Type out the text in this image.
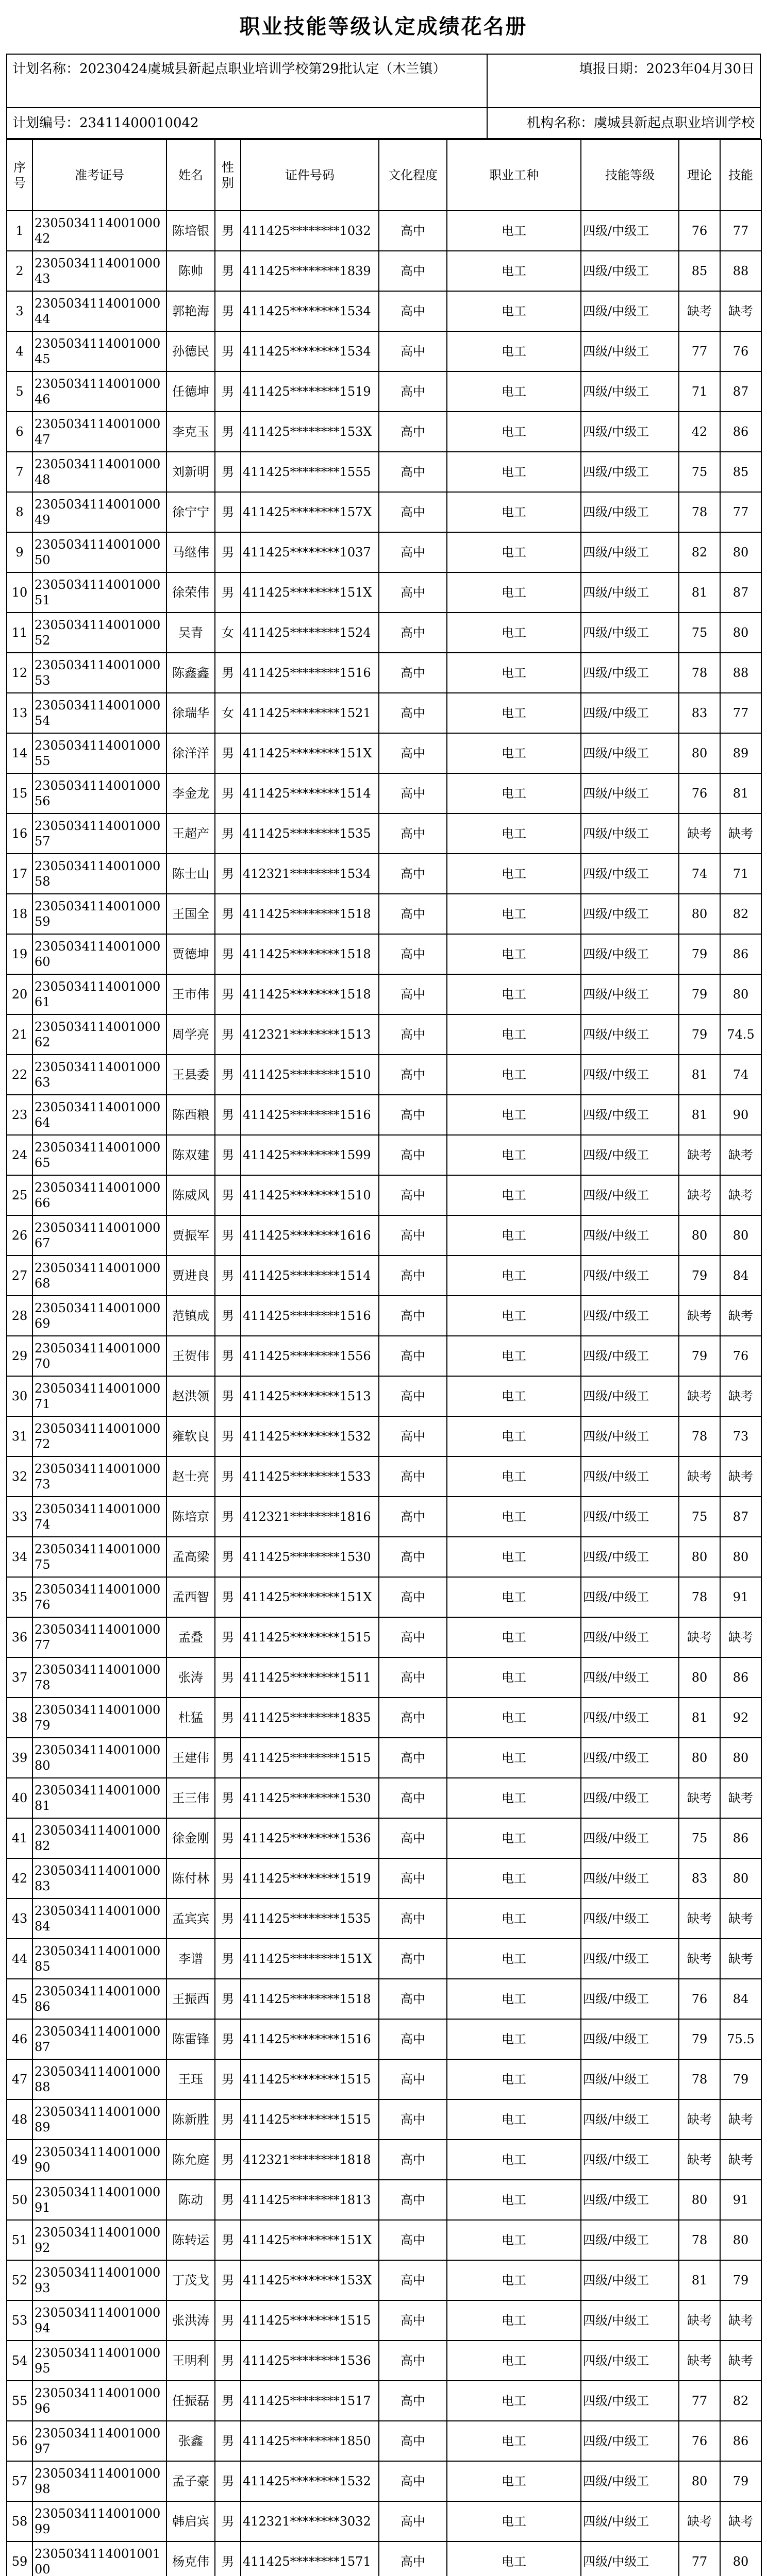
职业技能等级认定成绩花名册
计划名称：20230424虞城县新起点职业培训学校第29批认定（木兰镇）	填报日期：2023年04月30日
计划编号：23411400010042	机构名称：虞城县新起点职业培训学校
序号	准考证号	姓名	性别	证件号码	文化程度	职业工种	技能等级	理论	技能
1	230503411400100042	陈培银	男	411425********1032	高中	电工	四级/中级工	76	77
2	230503411400100043	陈帅	男	411425********1839	高中	电工	四级/中级工	85	88
3	230503411400100044	郭艳海	男	411425********1534	高中	电工	四级/中级工	缺考	缺考
4	230503411400100045	孙德民	男	411425********1534	高中	电工	四级/中级工	77	76
5	230503411400100046	任德坤	男	411425********1519	高中	电工	四级/中级工	71	87
6	230503411400100047	李克玉	男	411425********153X	高中	电工	四级/中级工	42	86
7	230503411400100048	刘新明	男	411425********1555	高中	电工	四级/中级工	75	85
8	230503411400100049	徐宁宁	男	411425********157X	高中	电工	四级/中级工	78	77
9	230503411400100050	马继伟	男	411425********1037	高中	电工	四级/中级工	82	80
10	230503411400100051	徐荣伟	男	411425********151X	高中	电工	四级/中级工	81	87
11	230503411400100052	吴青	女	411425********1524	高中	电工	四级/中级工	75	80
12	230503411400100053	陈鑫鑫	男	411425********1516	高中	电工	四级/中级工	78	88
13	230503411400100054	徐瑞华	女	411425********1521	高中	电工	四级/中级工	83	77
14	230503411400100055	徐洋洋	男	411425********151X	高中	电工	四级/中级工	80	89
15	230503411400100056	李金龙	男	411425********1514	高中	电工	四级/中级工	76	81
16	230503411400100057	王超产	男	411425********1535	高中	电工	四级/中级工	缺考	缺考
17	230503411400100058	陈士山	男	412321********1534	高中	电工	四级/中级工	74	71
18	230503411400100059	王国全	男	411425********1518	高中	电工	四级/中级工	80	82
19	230503411400100060	贾德坤	男	411425********1518	高中	电工	四级/中级工	79	86
20	230503411400100061	王市伟	男	411425********1518	高中	电工	四级/中级工	79	80
21	230503411400100062	周学亮	男	412321********1513	高中	电工	四级/中级工	79	74.5
22	230503411400100063	王县委	男	411425********1510	高中	电工	四级/中级工	81	74
23	230503411400100064	陈西粮	男	411425********1516	高中	电工	四级/中级工	81	90
24	230503411400100065	陈双建	男	411425********1599	高中	电工	四级/中级工	缺考	缺考
25	230503411400100066	陈威风	男	411425********1510	高中	电工	四级/中级工	缺考	缺考
26	230503411400100067	贾振军	男	411425********1616	高中	电工	四级/中级工	80	80
27	230503411400100068	贾进良	男	411425********1514	高中	电工	四级/中级工	79	84
28	230503411400100069	范镇成	男	411425********1516	高中	电工	四级/中级工	缺考	缺考
29	230503411400100070	王贺伟	男	411425********1556	高中	电工	四级/中级工	79	76
30	230503411400100071	赵洪领	男	411425********1513	高中	电工	四级/中级工	缺考	缺考
31	230503411400100072	雍软良	男	411425********1532	高中	电工	四级/中级工	78	73
32	230503411400100073	赵士亮	男	411425********1533	高中	电工	四级/中级工	缺考	缺考
33	230503411400100074	陈培京	男	412321********1816	高中	电工	四级/中级工	75	87
34	230503411400100075	孟高梁	男	411425********1530	高中	电工	四级/中级工	80	80
35	230503411400100076	孟西智	男	411425********151X	高中	电工	四级/中级工	78	91
36	230503411400100077	孟叠	男	411425********1515	高中	电工	四级/中级工	缺考	缺考
37	230503411400100078	张涛	男	411425********1511	高中	电工	四级/中级工	80	86
38	230503411400100079	杜猛	男	411425********1835	高中	电工	四级/中级工	81	92
39	230503411400100080	王建伟	男	411425********1515	高中	电工	四级/中级工	80	80
40	230503411400100081	王三伟	男	411425********1530	高中	电工	四级/中级工	缺考	缺考
41	230503411400100082	徐金刚	男	411425********1536	高中	电工	四级/中级工	75	86
42	230503411400100083	陈付林	男	411425********1519	高中	电工	四级/中级工	83	80
43	230503411400100084	孟宾宾	男	411425********1535	高中	电工	四级/中级工	缺考	缺考
44	230503411400100085	李谱	男	411425********151X	高中	电工	四级/中级工	缺考	缺考
45	230503411400100086	王振西	男	411425********1518	高中	电工	四级/中级工	76	84
46	230503411400100087	陈雷锋	男	411425********1516	高中	电工	四级/中级工	79	75.5
47	230503411400100088	王珏	男	411425********1515	高中	电工	四级/中级工	78	79
48	230503411400100089	陈新胜	男	411425********1515	高中	电工	四级/中级工	缺考	缺考
49	230503411400100090	陈允庭	男	412321********1818	高中	电工	四级/中级工	缺考	缺考
50	230503411400100091	陈动	男	411425********1813	高中	电工	四级/中级工	80	91
51	230503411400100092	陈转运	男	411425********151X	高中	电工	四级/中级工	78	80
52	230503411400100093	丁茂戈	男	411425********153X	高中	电工	四级/中级工	81	79
53	230503411400100094	张洪涛	男	411425********1515	高中	电工	四级/中级工	缺考	缺考
54	230503411400100095	王明利	男	411425********1536	高中	电工	四级/中级工	缺考	缺考
55	230503411400100096	任振磊	男	411425********1517	高中	电工	四级/中级工	77	82
56	230503411400100097	张鑫	男	411425********1850	高中	电工	四级/中级工	76	86
57	230503411400100098	孟子豪	男	411425********1532	高中	电工	四级/中级工	80	79
58	230503411400100099	韩启宾	男	412321********3032	高中	电工	四级/中级工	缺考	缺考
59	230503411400100100	杨克伟	男	411425********1571	高中	电工	四级/中级工	77	80
